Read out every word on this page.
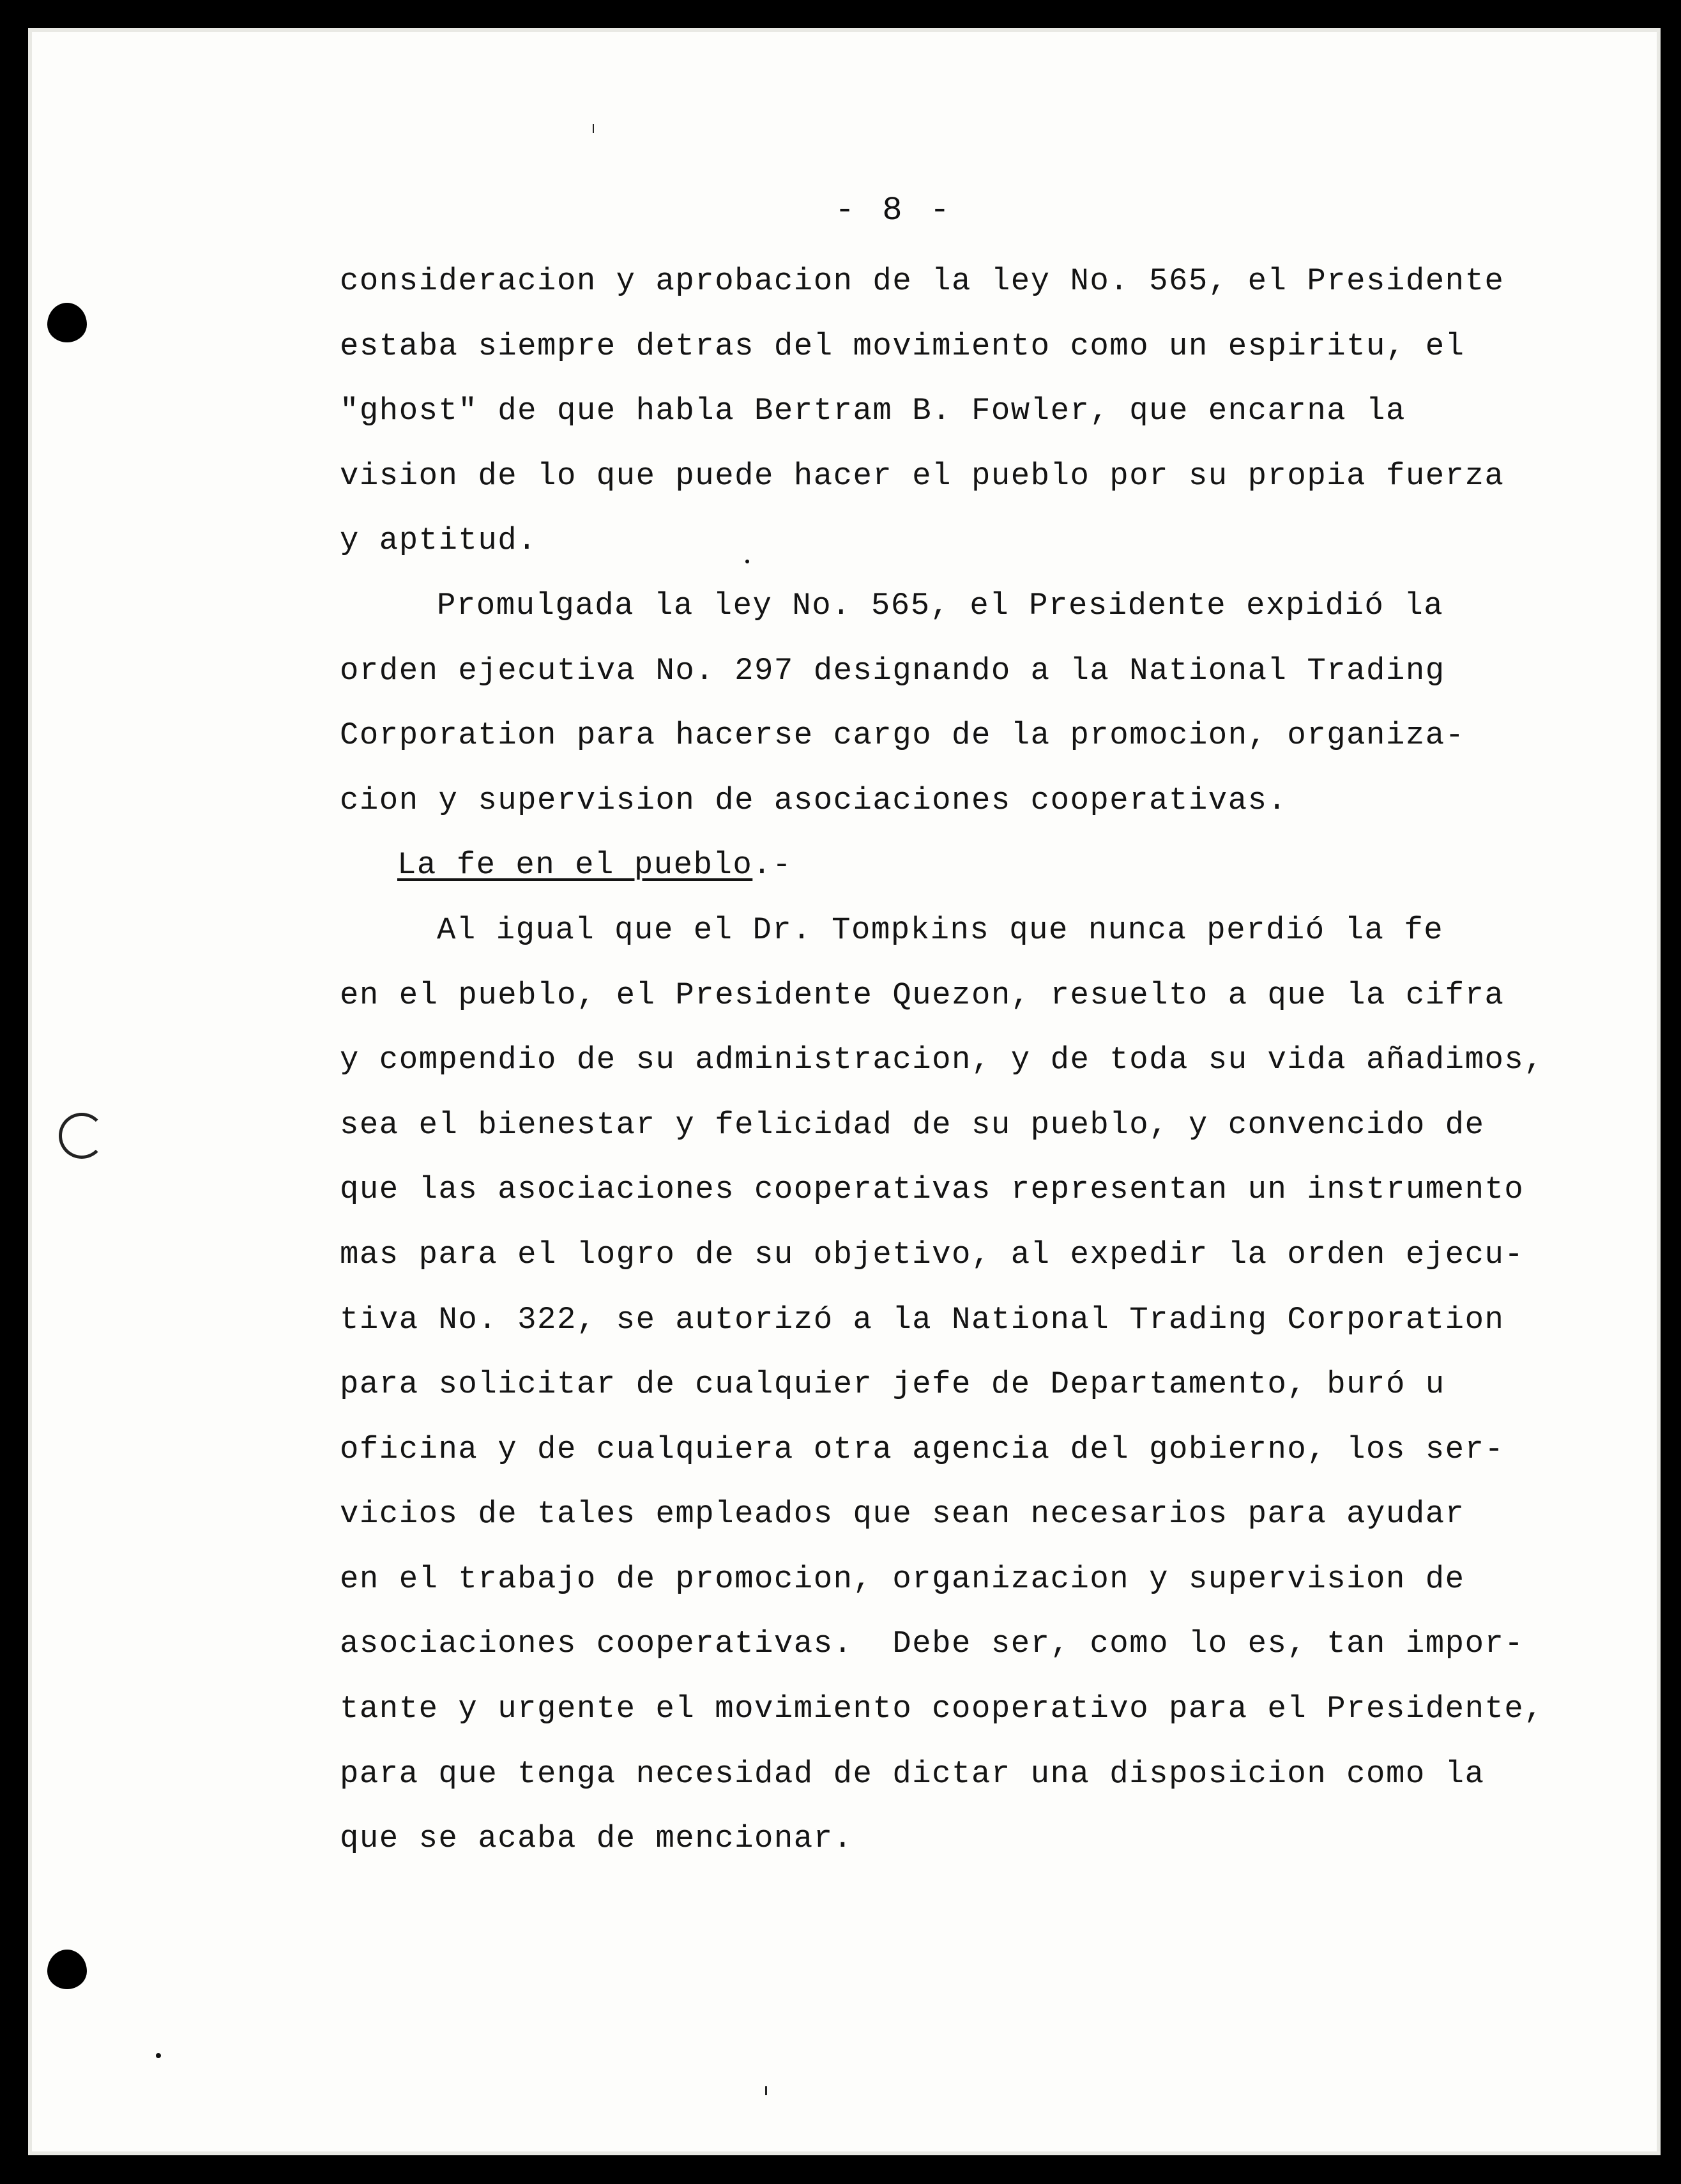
- 8 -
consideracion y aprobacion de la ley No. 565, el Presidente
estaba siempre detras del movimiento como un espiritu, el
"ghost" de que habla Bertram B. Fowler, que encarna la
vision de lo que puede hacer el pueblo por su propia fuerza
y aptitud.
Promulgada la ley No. 565, el Presidente expidió la
orden ejecutiva No. 297 designando a la National Trading
Corporation para hacerse cargo de la promocion, organiza-
cion y supervision de asociaciones cooperativas.
La fe en el pueblo.-
Al igual que el Dr. Tompkins que nunca perdió la fe
en el pueblo, el Presidente Quezon, resuelto a que la cifra
y compendio de su administracion, y de toda su vida añadimos,
sea el bienestar y felicidad de su pueblo, y convencido de
que las asociaciones cooperativas representan un instrumento
mas para el logro de su objetivo, al expedir la orden ejecu-
tiva No. 322, se autorizó a la National Trading Corporation
para solicitar de cualquier jefe de Departamento, buró u
oficina y de cualquiera otra agencia del gobierno, los ser-
vicios de tales empleados que sean necesarios para ayudar
en el trabajo de promocion, organizacion y supervision de
asociaciones cooperativas.  Debe ser, como lo es, tan impor-
tante y urgente el movimiento cooperativo para el Presidente,
para que tenga necesidad de dictar una disposicion como la
que se acaba de mencionar.
